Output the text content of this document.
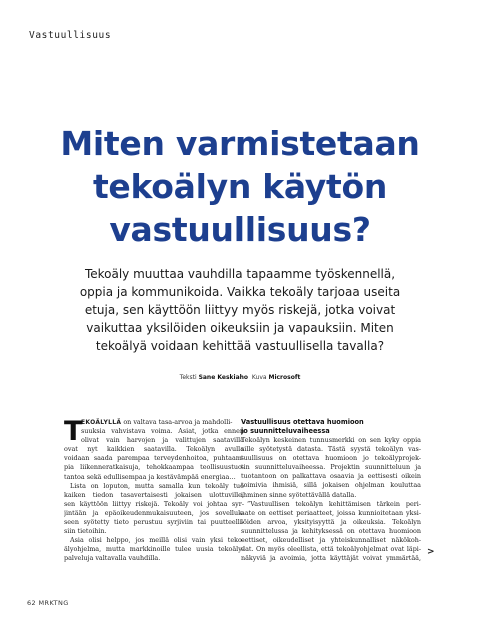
Vastuullisuus
Miten varmistetaan
tekoälyn käytön
vastuullisuus?

Tekoäly muuttaa vauhdilla tapaamme työskennellä,
oppia ja kommunikoida. Vaikka tekoäly tarjoaa useita
etuja, sen käyttöön liittyy myös riskejä, jotka voivat
vaikuttaa yksilöiden oikeuksiin ja vapauksiin. Miten
tekoälyä voidaan kehittää vastuullisella tavalla?

Teksti Sane Keskiaho Kuva Microsoft
T
EKOÄLYLLÄ on valtava tasa-arvoa ja mahdolli-
suuksia vahvistava voima. Asiat, jotka ennen
olivat vain harvojen ja valittujen saatavilla
ovat nyt kaikkien saatavilla. Tekoälyn avulla
voidaan saada parempaa terveydenhoitoa, puhtaam-
pia liikenneratkaisuja, tehokkaampaa teollisuustuo-
tantoa sekä edullisempaa ja kestävämpää energiaa…

Lista on loputon, mutta samalla kun tekoäly tuo
kaiken tiedon tasavertaisesti jokaisen ulottuville,
sen käyttöön liittyy riskejä. Tekoäly voi johtaa syr-
jintään ja epäoikeudenmukaisuuteen, jos sovelluk-
seen syötetty tieto perustuu syrjiviin tai puutteelli-
siin tietoihin.

Asia olisi helppo, jos meillä olisi vain yksi teko-
älyohjelma, mutta markkinoille tulee uusia tekoäly-
palveluja valtavalla vauhdilla.

Vastuullisuus otettava huomioon
jo suunnitteluvaiheessa

Tekoälyn keskeinen tunnusmerkki on sen kyky oppia
sille syötetystä datasta. Tästä syystä tekoälyn vas-
tuullisuus on otettava huomioon jo tekoälyprojek-
tin suunnitteluvaiheessa. Projektin suunnitteluun ja
tuotantoon on palkattava osaavia ja eettisesti oikein
toimivia ihmisiä, sillä jokaisen ohjelman kouluttaa
ihminen sinne syötettävällä datalla.

”Vastuullisen tekoälyn kehittämisen tärkein peri-
aate on eettiset periaatteet, joissa kunnioitetaan yksi-
löiden arvoa, yksityisyyttä ja oikeuksia. Tekoälyn
suunnittelussa ja kehityksessä on otettava huomioon
eettiset, oikeudelliset ja yhteiskunnalliset näkökoh-
dat. On myös oleellista, että tekoälyohjelmat ovat läpi-
näkyviä ja avoimia, jotta käyttäjät voivat ymmärtää,

>
62 MRKTNG
